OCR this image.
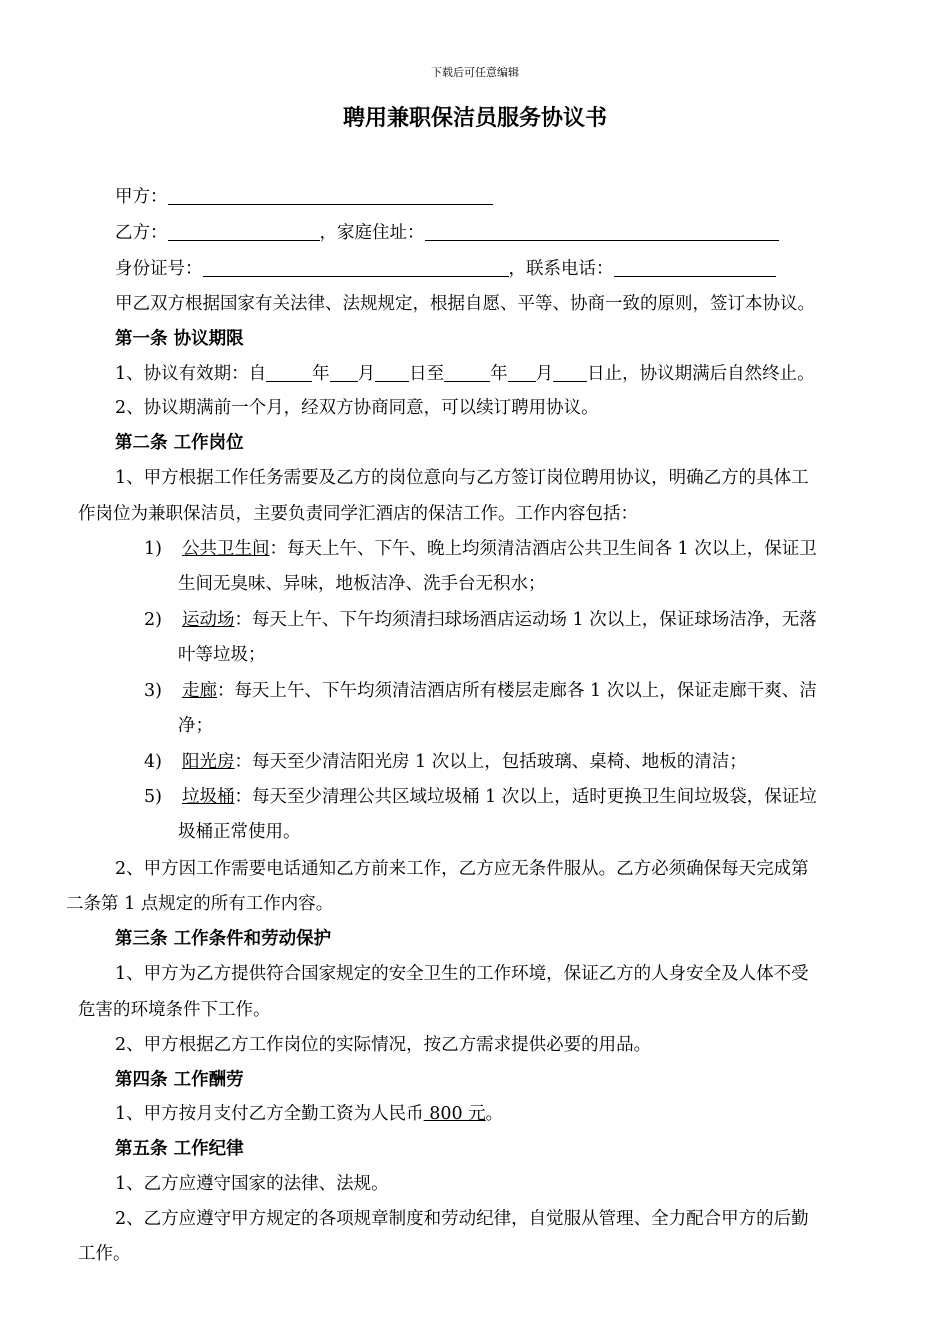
下载后可任意编辑
聘用兼职保洁员服务协议书
甲方：
乙方：	，家庭住址：
身份证号：	，联系电话：
甲乙双方根据国家有关法律、法规规定，根据自愿、平等、协商一致的原则，签订本协议。
第一条 协议期限
1、协议有效期：自	年 月 日至	年 月 日止，协议期满后自然终止。
2、协议期满前一个月，经双方协商同意，可以续订聘用协议。
第二条 工作岗位
1、甲方根据工作任务需要及乙方的岗位意向与乙方签订岗位聘用协议，明确乙方的具体工
作岗位为兼职保洁员，主要负责同学汇酒店的保洁工作。工作内容包括：
1) 公共卫生间：每天上午、下午、晚上均须清洁酒店公共卫生间各 1 次以上，保证卫
生间无臭味、异味，地板洁净、洗手台无积水；
2) 运动场：每天上午、下午均须清扫球场酒店运动场 1 次以上，保证球场洁净，无落
叶等垃圾；
3) 走廊：每天上午、下午均须清洁酒店所有楼层走廊各 1 次以上，保证走廊干爽、洁
净；
4) 阳光房：每天至少清洁阳光房 1 次以上，包括玻璃、桌椅、地板的清洁；
5) 垃圾桶：每天至少清理公共区域垃圾桶 1 次以上，适时更换卫生间垃圾袋，保证垃
圾桶正常使用。
2、甲方因工作需要电话通知乙方前来工作，乙方应无条件服从。乙方必须确保每天完成第
二条第 1 点规定的所有工作内容。
第三条 工作条件和劳动保护
1、甲方为乙方提供符合国家规定的安全卫生的工作环境，保证乙方的人身安全及人体不受
危害的环境条件下工作。
2、甲方根据乙方工作岗位的实际情况，按乙方需求提供必要的用品。
第四条 工作酬劳
1、甲方按月支付乙方全勤工资为人民币 800 元。
第五条 工作纪律
1、乙方应遵守国家的法律、法规。
2、乙方应遵守甲方规定的各项规章制度和劳动纪律，自觉服从管理、全力配合甲方的后勤
工作。
